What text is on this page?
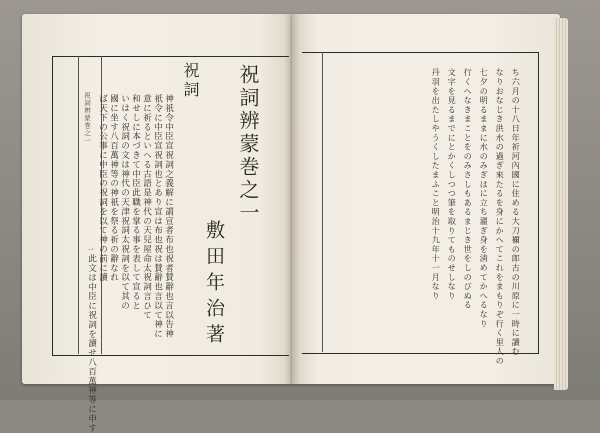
祝詞辨蒙巻之一
一
祝詞辨蒙巻之一
敷田年治著
祝詞
神祇令中臣宣祝詞之義解に謂宣者布也祝者賛辭也言以告神
祇令に中臣宣祝詞也とあり宣は布也祝は賛辭也言以て神に
意に祈るといへる古語是神代の天兒屋命太祝詞言ひて
和せしに本づきて中臣此職を掌る事を表して宣ると
いはく祝詞の文は神代の天津祝詞太祝詞を以て其の
國に坐す八百萬神等の神祇を祭る祈の辭なれ
ば天下の公事に中臣の祝詞を以て神の前に讀
此文は中臣に祝詞を讀せ八百萬神等に申す	ち六月の十八日年祈河內國に住める大刀禰の郎古の川原に一時に讀む
なりおなじき洪水の過ぎ來たるを身にかへてこれをまもりぞ行く里人の
七夕の明るままに水のみぎはに立ち濯ぎ身を淸めてかへるなり
行くへなきまことをのみさしもあるまじき世をしのびぬる
文字を見るまでにとかくしつつ筆を取りてものせしなり
丹羽を出たしやうくしたまふこと明治十九年十一月なり
